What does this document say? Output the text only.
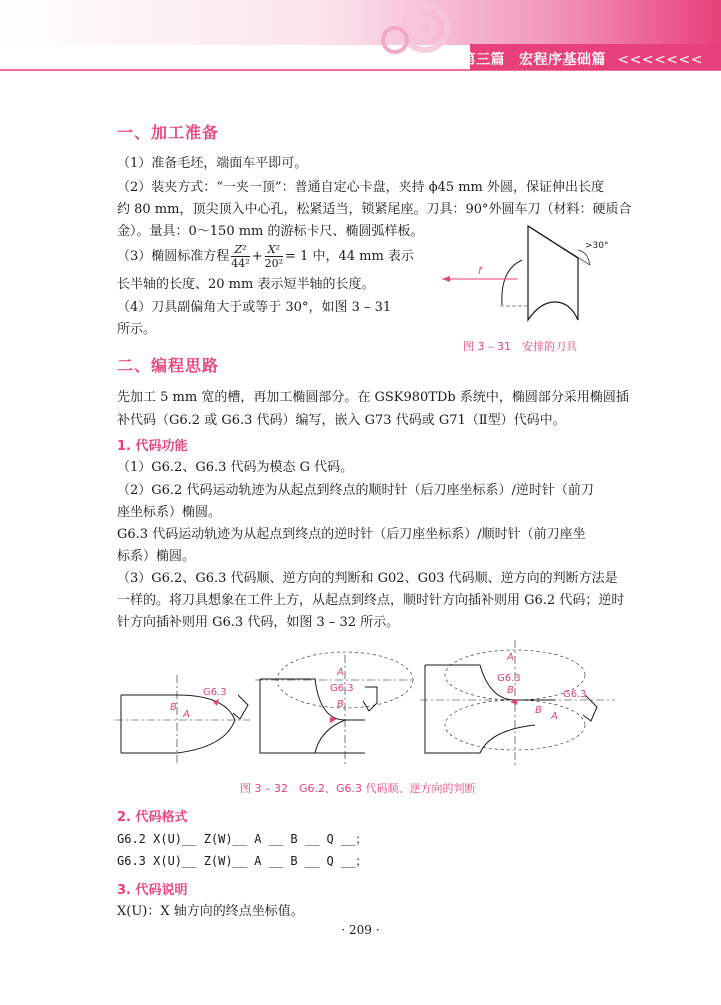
第三篇 宏程序基础篇 <<<<<<<
一、加工准备
（1）准备毛坯，端面车平即可。
（2）装夹方式：“一夹一顶”：普通自定心卡盘，夹持 ϕ45 mm 外圆，保证伸出长度
约 80 mm，顶尖顶入中心孔，松紧适当，锁紧尾座。刀具：90°外圆车刀（材料：硬质合
金）。量具：0～150 mm 的游标卡尺、椭圆弧样板。
（3）椭圆标准方程 $\frac{\text{Z²}}{\text{44²}} + \frac{\text{X²}}{\text{20²}} = 1$ 中，44 mm 表示
长半轴的长度、20 mm 表示短半轴的长度。
（4）刀具副偏角大于或等于 30°，如图 3 – 31
所示。
>30°
f
图 3 – 31　安排的刀具
二、编程思路
先加工 5 mm 宽的槽，再加工椭圆部分。在 GSK980TDb 系统中，椭圆部分采用椭圆插
补代码（G6.2 或 G6.3 代码）编写，嵌入 G73 代码或 G71（Ⅱ型）代码中。
1. 代码功能
（1）G6.2、G6.3 代码为模态 G 代码。
（2）G6.2 代码运动轨迹为从起点到终点的顺时针（后刀座坐标系）/逆时针（前刀
座坐标系）椭圆。
G6.3 代码运动轨迹为从起点到终点的逆时针（后刀座坐标系）/顺时针（前刀座坐
标系）椭圆。
（3）G6.2、G6.3 代码顺、逆方向的判断和 G02、G03 代码顺、逆方向的判断方法是
一样的。将刀具想象在工件上方，从起点到终点，顺时针方向插补则用 G6.2 代码；逆时
针方向插补则用 G6.3 代码，如图 3 – 32 所示。
G6.3
A
B
A
G6.3
B
A
G6.3
B	G6.3
B
A
图 3 – 32　G6.2、G6.3 代码顺、逆方向的判断
2. 代码格式
G6.2 X(U)__ Z(W)__ A __ B __ Q __；
G6.3 X(U)__ Z(W)__ A __ B __ Q __；
3. 代码说明
X(U)：X 轴方向的终点坐标值。
· 209 ·
